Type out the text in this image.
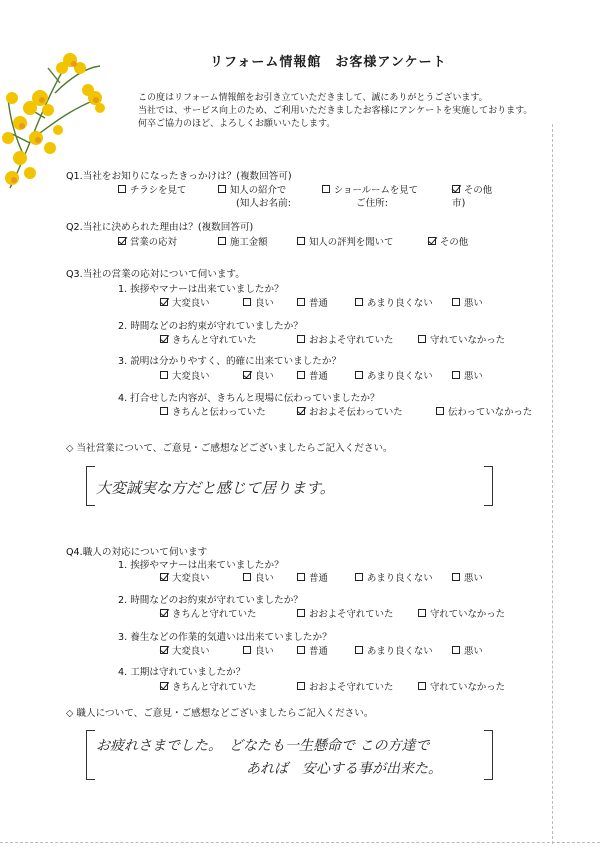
リフォーム情報館　お客様アンケート
この度はリフォーム情報館をお引き立ていただきまして、誠にありがとうございます。
当社では、サービス向上のため、ご利用いただきましたお客様にアンケートを実施しております。
何卒ご協力のほど、よろしくお願いいたします。
Q1.当社をお知りになったきっかけは？(複数回答可)
チラシを見て	知人の紹介で	ショールームを見て	その他
(知人お名前:	ご住所:	市)
Q2.当社に決められた理由は？(複数回答可)
営業の応対	施工金額	知人の評判を聞いて	その他
Q3.当社の営業の応対について伺います。
1. 挨拶やマナーは出来ていましたか？
大変良い	良い	普通	あまり良くない	悪い
2. 時間などのお約束が守れていましたか？
きちんと守れていた	おおよそ守れていた	守れていなかった
3. 説明は分かりやすく、的確に出来ていましたか？
大変良い	良い	普通	あまり良くない	悪い
4. 打合せした内容が、きちんと現場に伝わっていましたか？
きちんと伝わっていた	おおよそ伝わっていた	伝わっていなかった
◇ 当社営業について、ご意見・ご感想などございましたらご記入ください。
大変誠実な方だと感じて居ります。
Q4.職人の対応について伺います
1. 挨拶やマナーは出来ていましたか？
大変良い	良い	普通	あまり良くない	悪い
2. 時間などのお約束が守れていましたか？
きちんと守れていた	おおよそ守れていた	守れていなかった
3. 養生などの作業的気遣いは出来ていましたか？
大変良い	良い	普通	あまり良くない	悪い
4. 工期は守れていましたか？
きちんと守れていた	おおよそ守れていた	守れていなかった
◇ 職人について、ご意見・ご感想などございましたらご記入ください。
お疲れさまでした。　どなたも一生懸命で この方達で
あれば　安心する事が出来た。
